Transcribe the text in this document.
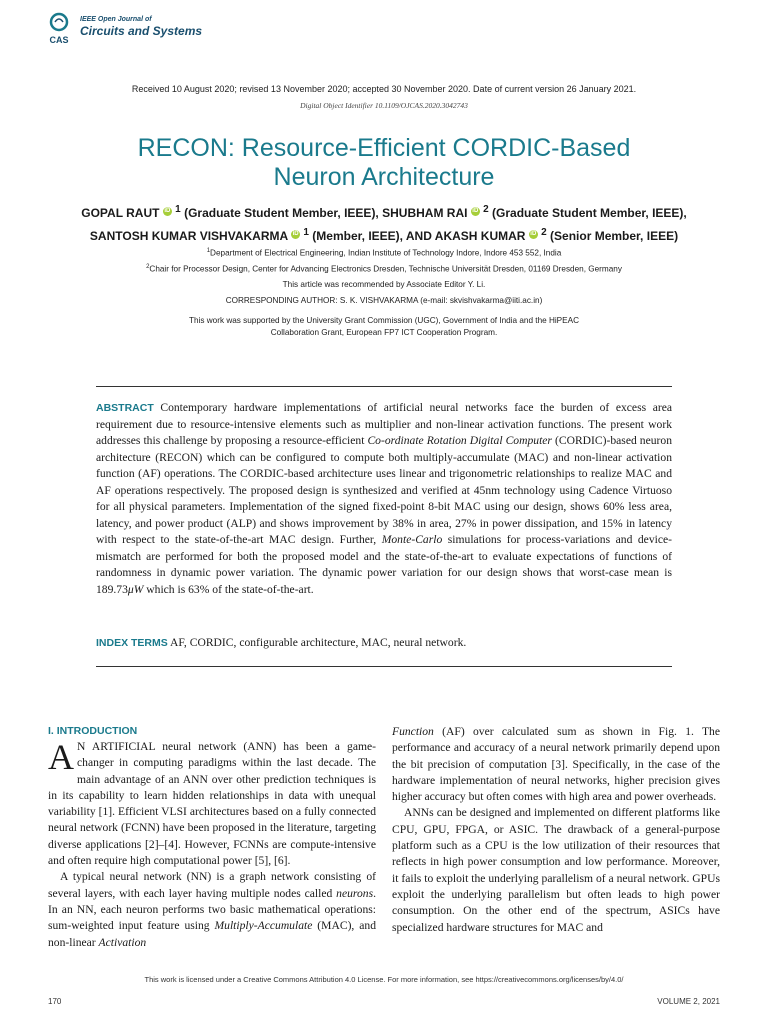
CAS
IEEE Open Journal of
Circuits and Systems
Received 10 August 2020; revised 13 November 2020; accepted 30 November 2020. Date of current version 26 January 2021.
Digital Object Identifier 10.1109/OJCAS.2020.3042743
RECON: Resource-Efficient CORDIC-Based
Neuron Architecture
GOPAL RAUT iD $^1$ (Graduate Student Member, IEEE), SHUBHAM RAI iD $^2$ (Graduate Student Member, IEEE),
SANTOSH KUMAR VISHVAKARMA iD $^1$ (Member, IEEE), AND AKASH KUMAR iD $^2$ (Senior Member, IEEE)
$^1$Department of Electrical Engineering, Indian Institute of Technology Indore, Indore 453 552, India
$^2$Chair for Processor Design, Center for Advancing Electronics Dresden, Technische Universität Dresden, 01169 Dresden, Germany
This article was recommended by Associate Editor Y. Li.
CORRESPONDING AUTHOR: S. K. VISHVAKARMA (e-mail: skvishvakarma@iiti.ac.in)
This work was supported by the University Grant Commission (UGC), Government of India and the HiPEAC
Collaboration Grant, European FP7 ICT Cooperation Program.

ABSTRACT Contemporary hardware implementations of artificial neural networks face the burden of excess area requirement due to resource-intensive elements such as multiplier and non-linear activation functions. The present work addresses this challenge by proposing a resource-efficient Co-ordinate Rotation Digital Computer (CORDIC)-based neuron architecture (RECON) which can be configured to compute both multiply-accumulate (MAC) and non-linear activation function (AF) operations. The CORDIC-based architecture uses linear and trigonometric relationships to realize MAC and AF operations respectively. The proposed design is synthesized and verified at 45nm technology using Cadence Virtuoso for all physical parameters. Implementation of the signed fixed-point 8-bit MAC using our design, shows 60% less area, latency, and power product (ALP) and shows improvement by 38% in area, 27% in power dissipation, and 15% in latency with respect to the state-of-the-art MAC design. Further, Monte-Carlo simulations for process-variations and device-mismatch are performed for both the proposed model and the state-of-the-art to evaluate expectations of functions of randomness in dynamic power variation. The dynamic power variation for our design shows that worst-case mean is 189.73μW which is 63% of the state-of-the-art.

INDEX TERMS AF, CORDIC, configurable architecture, MAC, neural network.

I. INTRODUCTION

A N ARTIFICIAL neural network (ANN) has been a game-changer in computing paradigms within the last decade. The main advantage of an ANN over other prediction techniques is in its capability to learn hidden relationships in data with unequal variability [1]. Efficient VLSI architectures based on a fully connected neural network (FCNN) have been proposed in the literature, targeting diverse applications [2]–[4]. However, FCNNs are compute-intensive and often require high computational power [5], [6].

A typical neural network (NN) is a graph network consisting of several layers, with each layer having multiple nodes called neurons. In an NN, each neuron performs two basic mathematical operations: sum-weighted input feature using Multiply-Accumulate (MAC), and non-linear Activation

Function (AF) over calculated sum as shown in Fig. 1. The performance and accuracy of a neural network primarily depend upon the bit precision of computation [3]. Specifically, in the case of the hardware implementation of neural networks, higher precision gives higher accuracy but often comes with high area and power overheads.

ANNs can be designed and implemented on different platforms like CPU, GPU, FPGA, or ASIC. The drawback of a general-purpose platform such as a CPU is the low utilization of their resources that reflects in high power consumption and low performance. Moreover, it fails to exploit the underlying parallelism of a neural network. GPUs exploit the underlying parallelism but often leads to high power consumption. On the other end of the spectrum, ASICs have specialized hardware structures for MAC and

This work is licensed under a Creative Commons Attribution 4.0 License. For more information, see https://creativecommons.org/licenses/by/4.0/
170	VOLUME 2, 2021
